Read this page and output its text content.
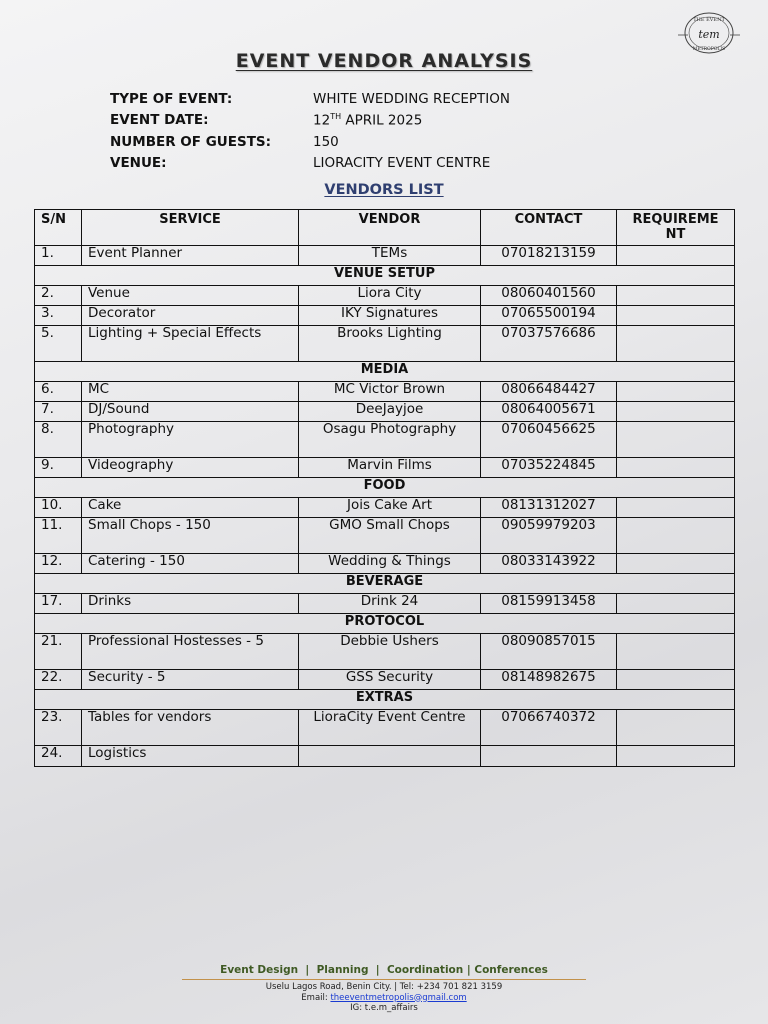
THE EVENT
tem
METROPOLIS
EVENT VENDOR ANALYSIS
TYPE OF EVENT:	WHITE WEDDING RECEPTION
EVENT DATE:	12TH APRIL 2025
NUMBER OF GUESTS:	150
VENUE:	LIORACITY EVENT CENTRE
VENDORS LIST
S/N	SERVICE	VENDOR	CONTACT	REQUIREME NT
1.	Event Planner	TEMs	07018213159	
VENUE SETUP				
2.	Venue	Liora City	08060401560	
3.	Decorator	IKY Signatures	07065500194	
5.	Lighting + Special Effects	Brooks Lighting	07037576686	
MEDIA				
6.	MC	MC Victor Brown	08066484427	
7.	DJ/Sound	DeeJayjoe	08064005671	
8.	Photography	Osagu Photography	07060456625	
9.	Videography	Marvin Films	07035224845	
FOOD				
10.	Cake	Jois Cake Art	08131312027	
11.	Small Chops - 150	GMO Small Chops	09059979203	
12.	Catering - 150	Wedding & Things	08033143922	
BEVERAGE				
17.	Drinks	Drink 24	08159913458	
PROTOCOL				
21.	Professional Hostesses - 5	Debbie Ushers	08090857015	
22.	Security - 5	GSS Security	08148982675	
EXTRAS				
23.	Tables for vendors	LioraCity Event Centre	07066740372	
24.	Logistics			
Event Design  |  Planning  |  Coordination | Conferences
Uselu Lagos Road, Benin City. | Tel: +234 701 821 3159
Email: theeventmetropolis@gmail.com
IG: t.e.m_affairs
